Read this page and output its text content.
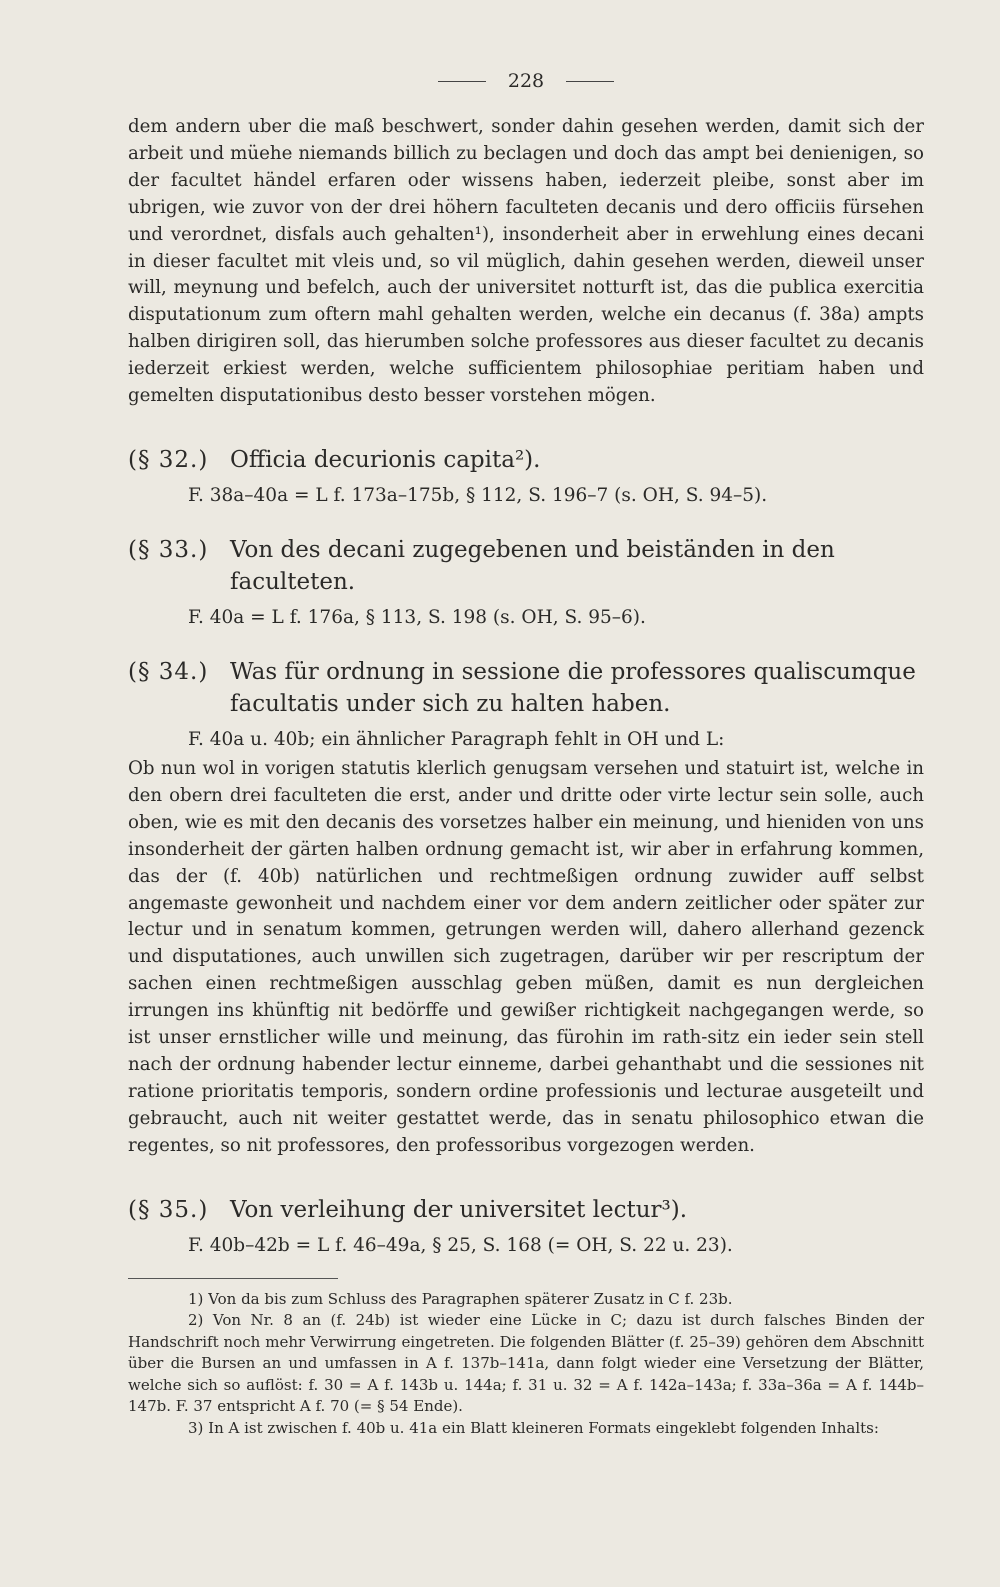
228

dem andern uber die maß beschwert, sonder dahin gesehen werden, damit sich der arbeit und müehe niemands billich zu beclagen und doch das ampt bei denienigen, so der facultet händel erfaren oder wissens haben, iederzeit pleibe, sonst aber im ubrigen, wie zuvor von der drei höhern faculteten decanis und dero officiis fürsehen und verordnet, disfals auch gehalten¹), insonderheit aber in erwehlung eines decani in dieser facultet mit vleis und, so vil müglich, dahin gesehen werden, dieweil unser will, meynung und befelch, auch der universitet notturft ist, das die publica exercitia disputationum zum oftern mahl gehalten werden, welche ein decanus (f. 38a) ampts halben dirigiren soll, das hierumben solche professores aus dieser facultet zu decanis iederzeit erkiest werden, welche sufficientem philosophiae peritiam haben und gemelten disputationibus desto besser vorstehen mögen.

(§ 32.) Officia decurionis capita²).
F. 38a–40a = L f. 173a–175b, § 112, S. 196–7 (s. OH, S. 94–5).
(§ 33.) Von des decani zugegebenen und beiständen in den faculteten.
F. 40a = L f. 176a, § 113, S. 198 (s. OH, S. 95–6).
(§ 34.) Was für ordnung in sessione die professores qualiscumque facultatis under sich zu halten haben.
F. 40a u. 40b; ein ähnlicher Paragraph fehlt in OH und L:

Ob nun wol in vorigen statutis klerlich genugsam versehen und statuirt ist, welche in den obern drei faculteten die erst, ander und dritte oder virte lectur sein solle, auch oben, wie es mit den decanis des vorsetzes halber ein meinung, und hieniden von uns insonderheit der gärten halben ordnung gemacht ist, wir aber in erfahrung kommen, das der (f. 40b) natürlichen und rechtmeßigen ordnung zuwider auff selbst angemaste gewonheit und nachdem einer vor dem andern zeitlicher oder später zur lectur und in senatum kommen, getrungen werden will, dahero allerhand gezenck und disputationes, auch unwillen sich zugetragen, darüber wir per rescriptum der sachen einen rechtmeßigen ausschlag geben müßen, damit es nun dergleichen irrungen ins khünftig nit bedörffe und gewißer richtigkeit nachgegangen werde, so ist unser ernstlicher wille und meinung, das fürohin im rath-sitz ein ieder sein stell nach der ordnung habender lectur einneme, darbei gehanthabt und die sessiones nit ratione prioritatis temporis, sondern ordine professionis und lecturae ausgeteilt und gebraucht, auch nit weiter gestattet werde, das in senatu philosophico etwan die regentes, so nit professores, den professoribus vorgezogen werden.

(§ 35.) Von verleihung der universitet lectur³).
F. 40b–42b = L f. 46–49a, § 25, S. 168 (= OH, S. 22 u. 23).

1) Von da bis zum Schluss des Paragraphen späterer Zusatz in C f. 23b.

2) Von Nr. 8 an (f. 24b) ist wieder eine Lücke in C; dazu ist durch falsches Binden der Handschrift noch mehr Verwirrung eingetreten. Die folgenden Blätter (f. 25–39) gehören dem Abschnitt über die Bursen an und umfassen in A f. 137b–141a, dann folgt wieder eine Versetzung der Blätter, welche sich so auflöst: f. 30 = A f. 143b u. 144a; f. 31 u. 32 = A f. 142a–143a; f. 33a–36a = A f. 144b–147b. F. 37 entspricht A f. 70 (= § 54 Ende).

3) In A ist zwischen f. 40b u. 41a ein Blatt kleineren Formats eingeklebt folgenden Inhalts:
